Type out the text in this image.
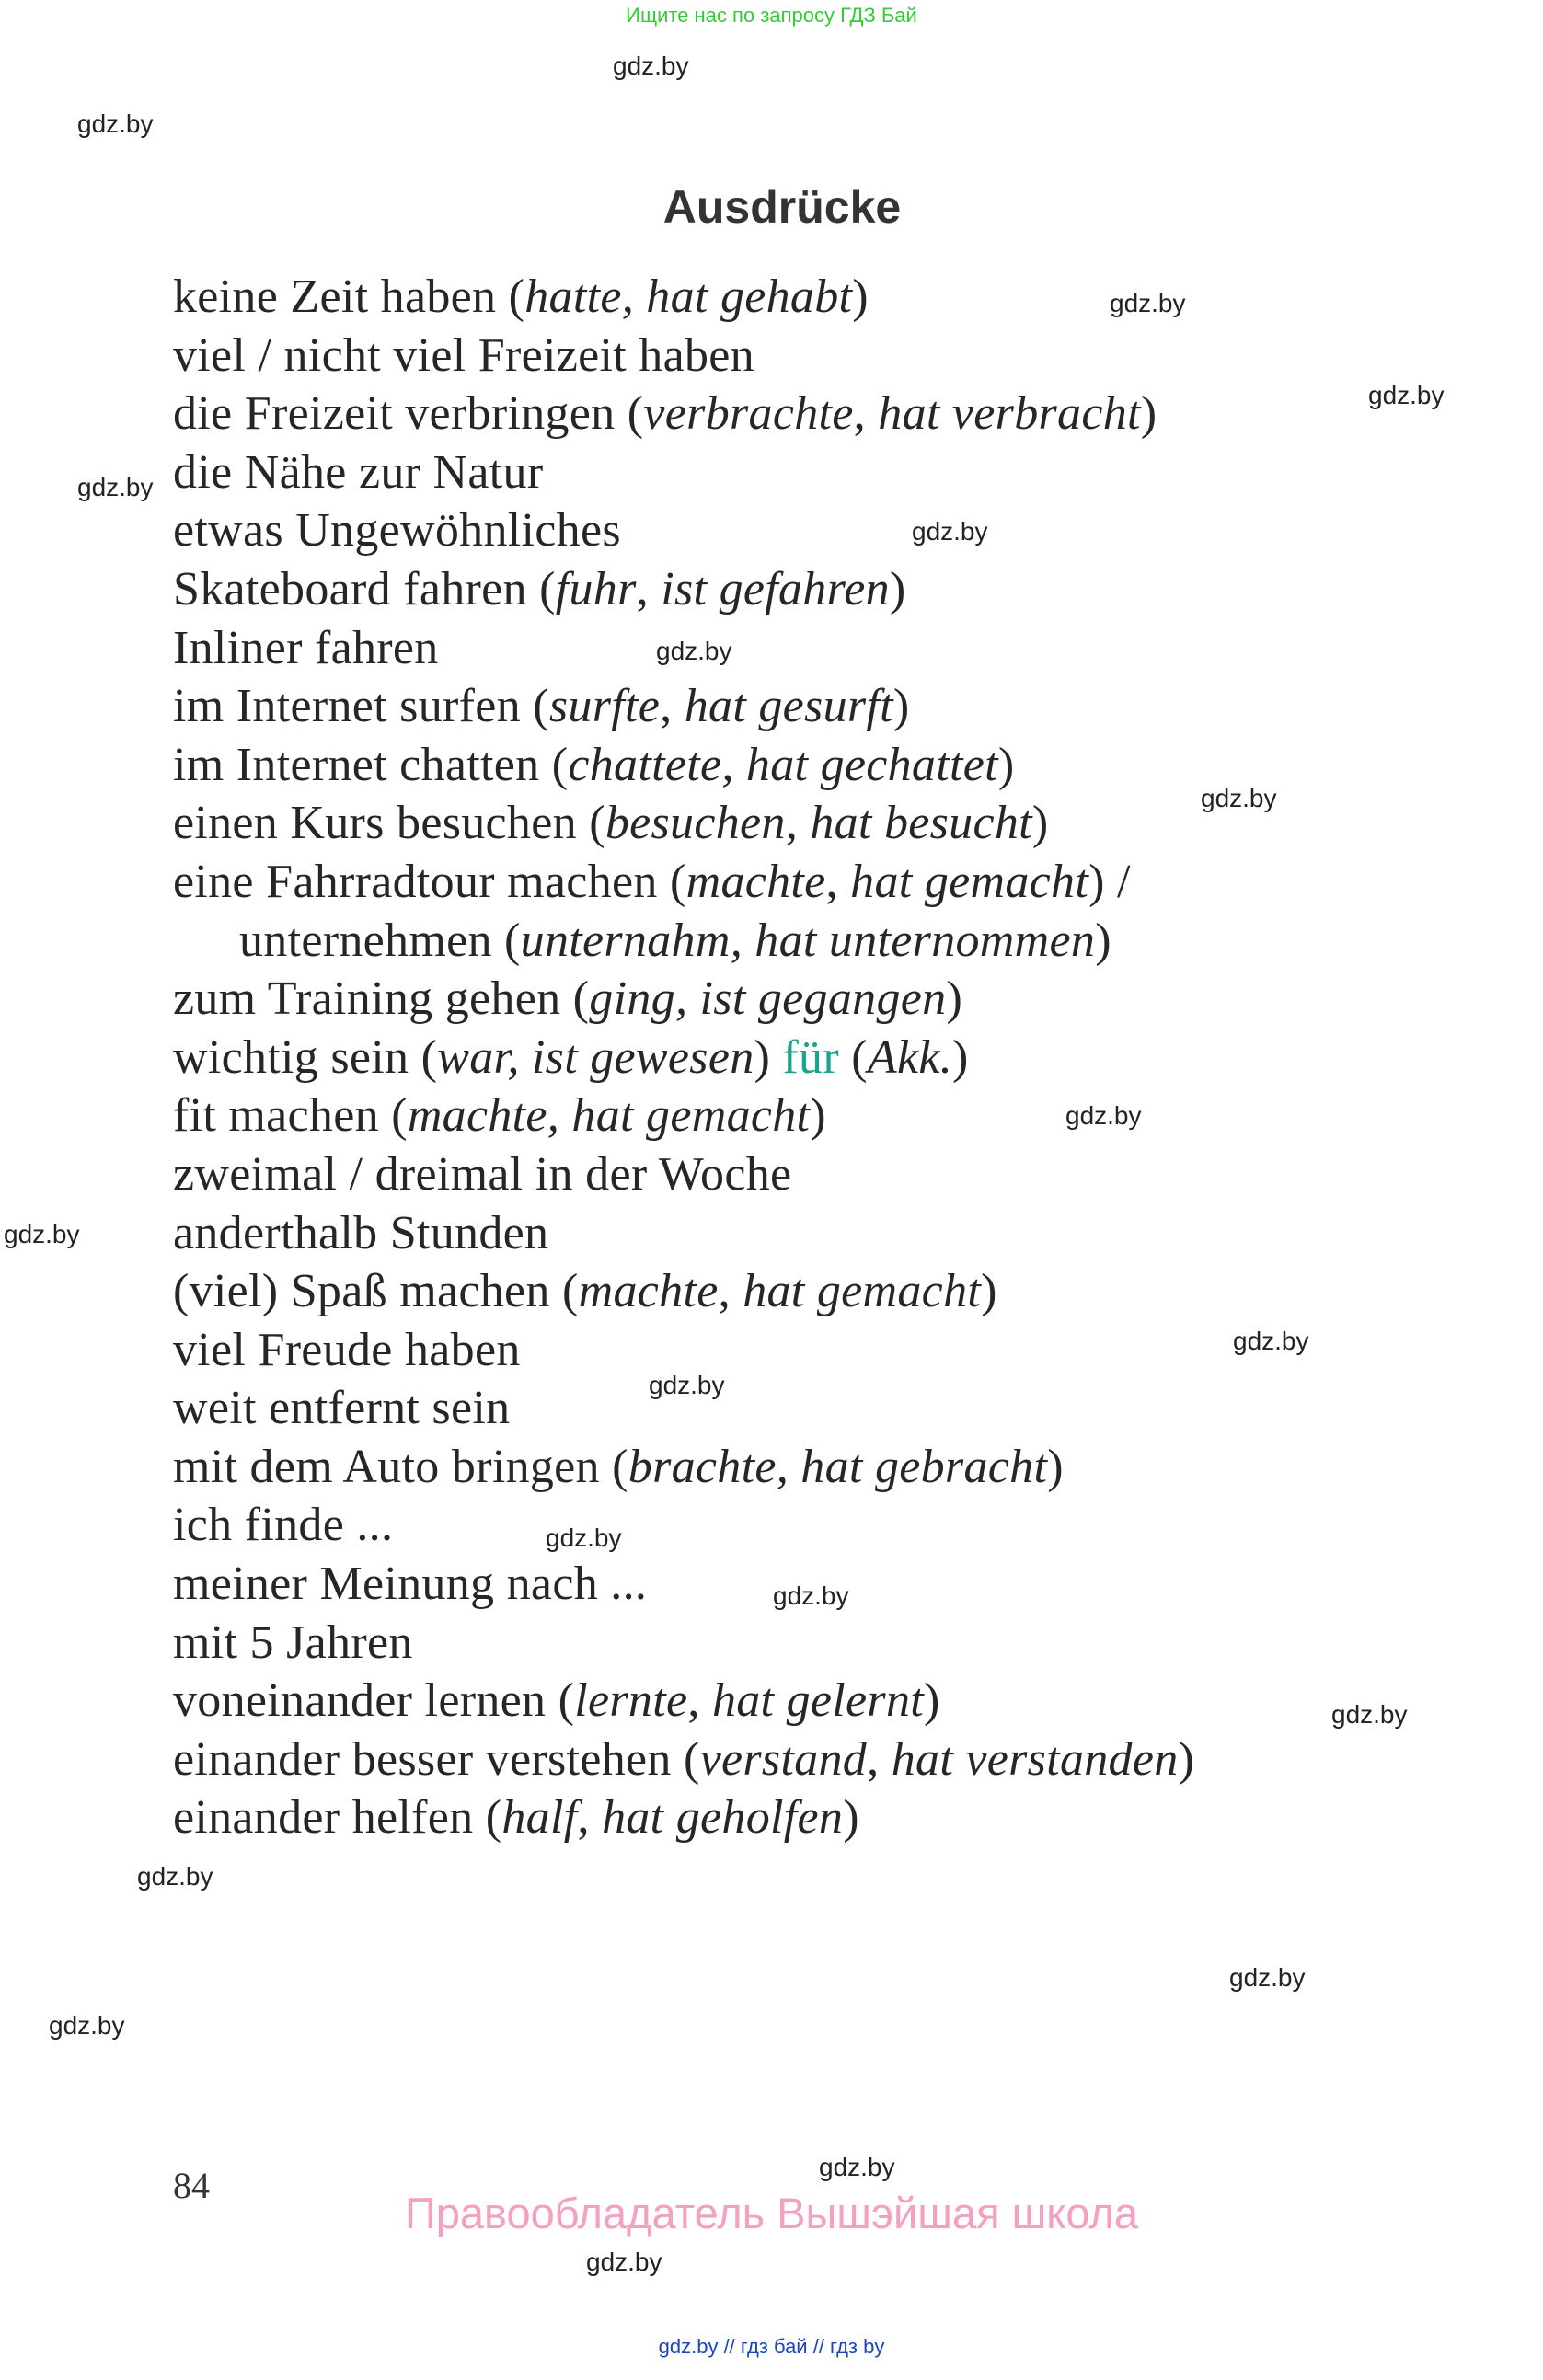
Ищите нас по запросу ГДЗ Бай
gdz.by
gdz.by
gdz.by
gdz.by
gdz.by
gdz.by
gdz.by
gdz.by
gdz.by
gdz.by
gdz.by
gdz.by
gdz.by
gdz.by
gdz.by
gdz.by
gdz.by
gdz.by
gdz.by
gdz.by
Ausdrücke
keine Zeit haben (hatte, hat gehabt)
viel / nicht viel Freizeit haben
die Freizeit verbringen (verbrachte, hat verbracht)
die Nähe zur Natur
etwas Ungewöhnliches
Skateboard fahren (fuhr, ist gefahren)
Inliner fahren
im Internet surfen (surfte, hat gesurft)
im Internet chatten (chattete, hat gechattet)
einen Kurs besuchen (besuchen, hat besucht)
eine Fahrradtour machen (machte, hat gemacht) /
unternehmen (unternahm, hat unternommen)
zum Training gehen (ging, ist gegangen)
wichtig sein (war, ist gewesen) für (Akk.)
fit machen (machte, hat gemacht)
zweimal / dreimal in der Woche
anderthalb Stunden
(viel) Spaß machen (machte, hat gemacht)
viel Freude haben
weit entfernt sein
mit dem Auto bringen (brachte, hat gebracht)
ich finde ...
meiner Meinung nach ...
mit 5 Jahren
voneinander lernen (lernte, hat gelernt)
einander besser verstehen (verstand, hat verstanden)
einander helfen (half, hat geholfen)
84
Правообладатель Вышэйшая школа
gdz.by // гдз бай // гдз by
